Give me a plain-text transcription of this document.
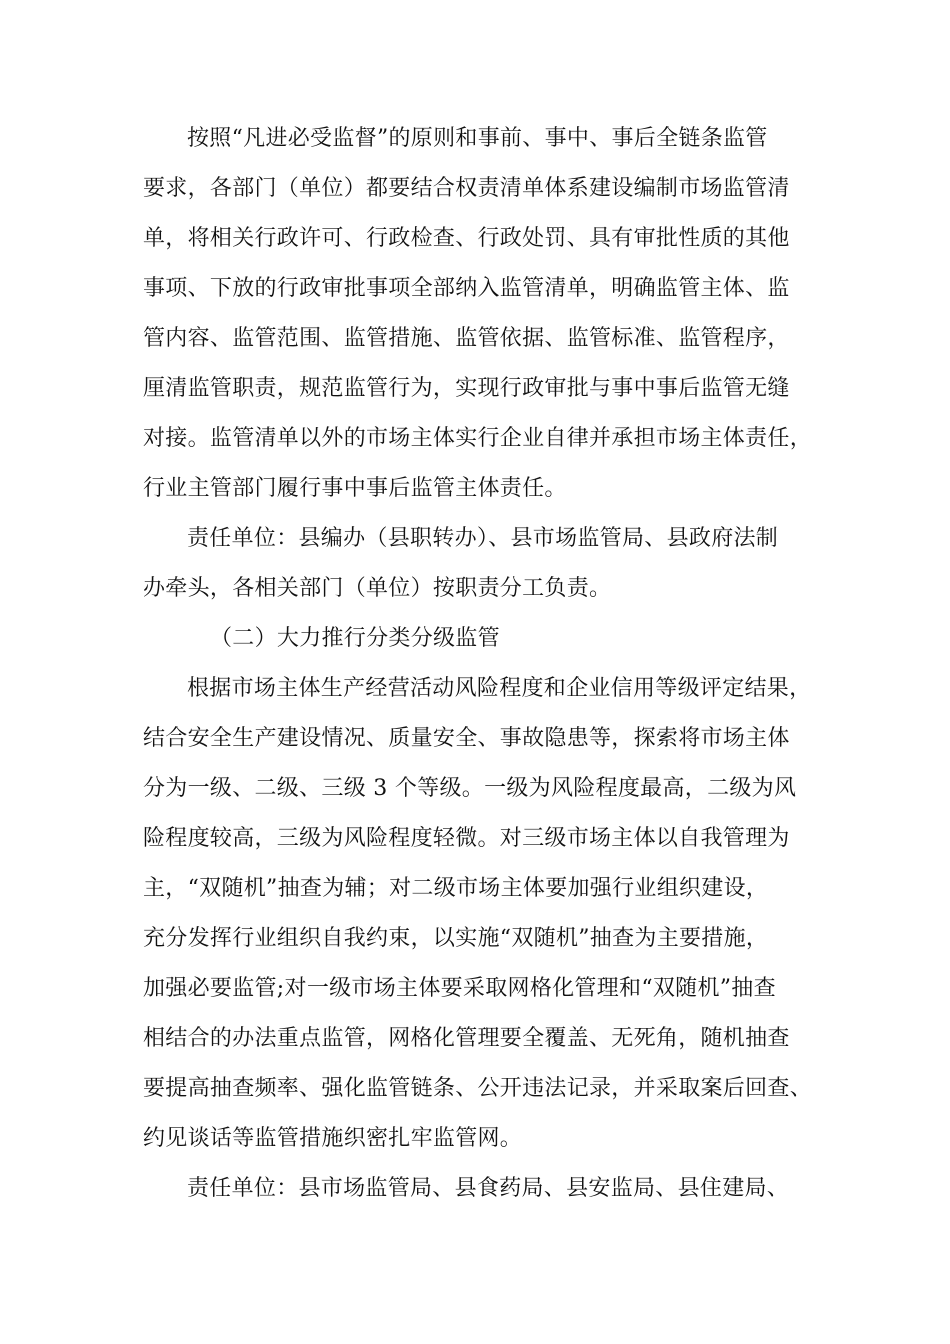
按照“凡进必受监督”的原则和事前、事中、事后全链条监管
要求，各部门（单位）都要结合权责清单体系建设编制市场监管清
单，将相关行政许可、行政检查、行政处罚、具有审批性质的其他
事项、下放的行政审批事项全部纳入监管清单，明确监管主体、监
管内容、监管范围、监管措施、监管依据、监管标准、监管程序，
厘清监管职责，规范监管行为，实现行政审批与事中事后监管无缝
对接。监管清单以外的市场主体实行企业自律并承担市场主体责任，
行业主管部门履行事中事后监管主体责任。
责任单位：县编办（县职转办）、县市场监管局、县政府法制
办牵头，各相关部门（单位）按职责分工负责。
（二）大力推行分类分级监管
根据市场主体生产经营活动风险程度和企业信用等级评定结果，
结合安全生产建设情况、质量安全、事故隐患等，探索将市场主体
分为一级、二级、三级 3 个等级。一级为风险程度最高，二级为风
险程度较高，三级为风险程度轻微。对三级市场主体以自我管理为
主，“双随机”抽查为辅；对二级市场主体要加强行业组织建设，
充分发挥行业组织自我约束，以实施“双随机”抽查为主要措施，
加强必要监管;对一级市场主体要采取网格化管理和“双随机”抽查
相结合的办法重点监管，网格化管理要全覆盖、无死角，随机抽查
要提高抽查频率、强化监管链条、公开违法记录，并采取案后回查、
约见谈话等监管措施织密扎牢监管网。
责任单位：县市场监管局、县食药局、县安监局、县住建局、
